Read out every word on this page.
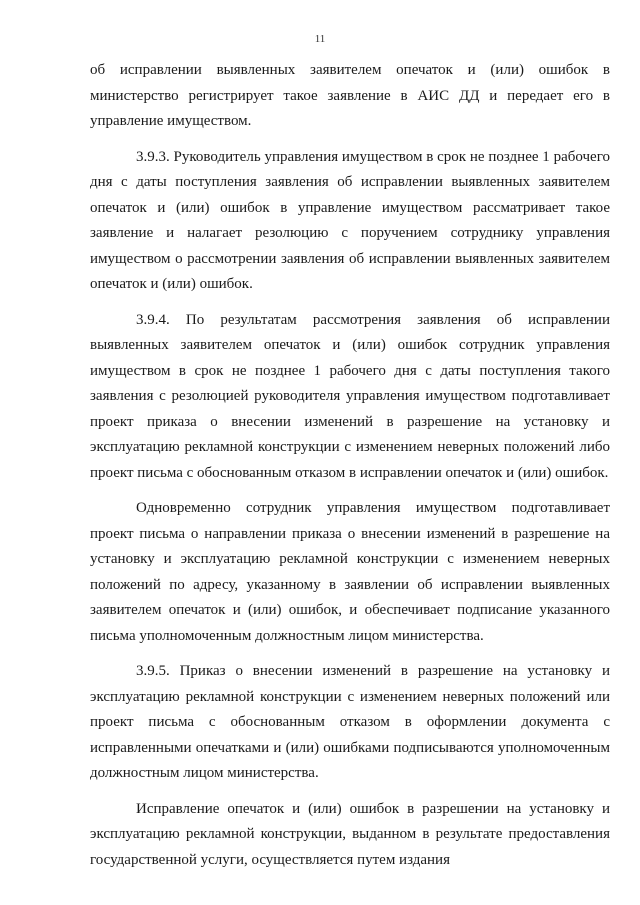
11

об исправлении выявленных заявителем опечаток и (или) ошибок в министерство регистрирует такое заявление в АИС ДД и передает его в управление имуществом.

3.9.3. Руководитель управления имуществом в срок не позднее 1 рабочего дня с даты поступления заявления об исправлении выявленных заявителем опечаток и (или) ошибок в управление имуществом рассматривает такое заявление и налагает резолюцию с поручением сотруднику управления имуществом о рассмотрении заявления об исправлении выявленных заявителем опечаток и (или) ошибок.

3.9.4. По результатам рассмотрения заявления об исправлении выявленных заявителем опечаток и (или) ошибок сотрудник управления имуществом в срок не позднее 1 рабочего дня с даты поступления такого заявления с резолюцией руководителя управления имуществом подготавливает проект приказа о внесении изменений в разрешение на установку и эксплуатацию рекламной конструкции с изменением неверных положений либо проект письма с обоснованным отказом в исправлении опечаток и (или) ошибок.

Одновременно сотрудник управления имуществом подготавливает проект письма о направлении приказа о внесении изменений в разрешение на установку и эксплуатацию рекламной конструкции с изменением неверных положений по адресу, указанному в заявлении об исправлении выявленных заявителем опечаток и (или) ошибок, и обеспечивает подписание указанного письма уполномоченным должностным лицом министерства.

3.9.5. Приказ о внесении изменений в разрешение на установку и эксплуатацию рекламной конструкции с изменением неверных положений или проект письма с обоснованным отказом в оформлении документа с исправленными опечатками и (или) ошибками подписываются уполномоченным должностным лицом министерства.

Исправление опечаток и (или) ошибок в разрешении на установку и эксплуатацию рекламной конструкции, выданном в результате предоставления государственной услуги, осуществляется путем издания
